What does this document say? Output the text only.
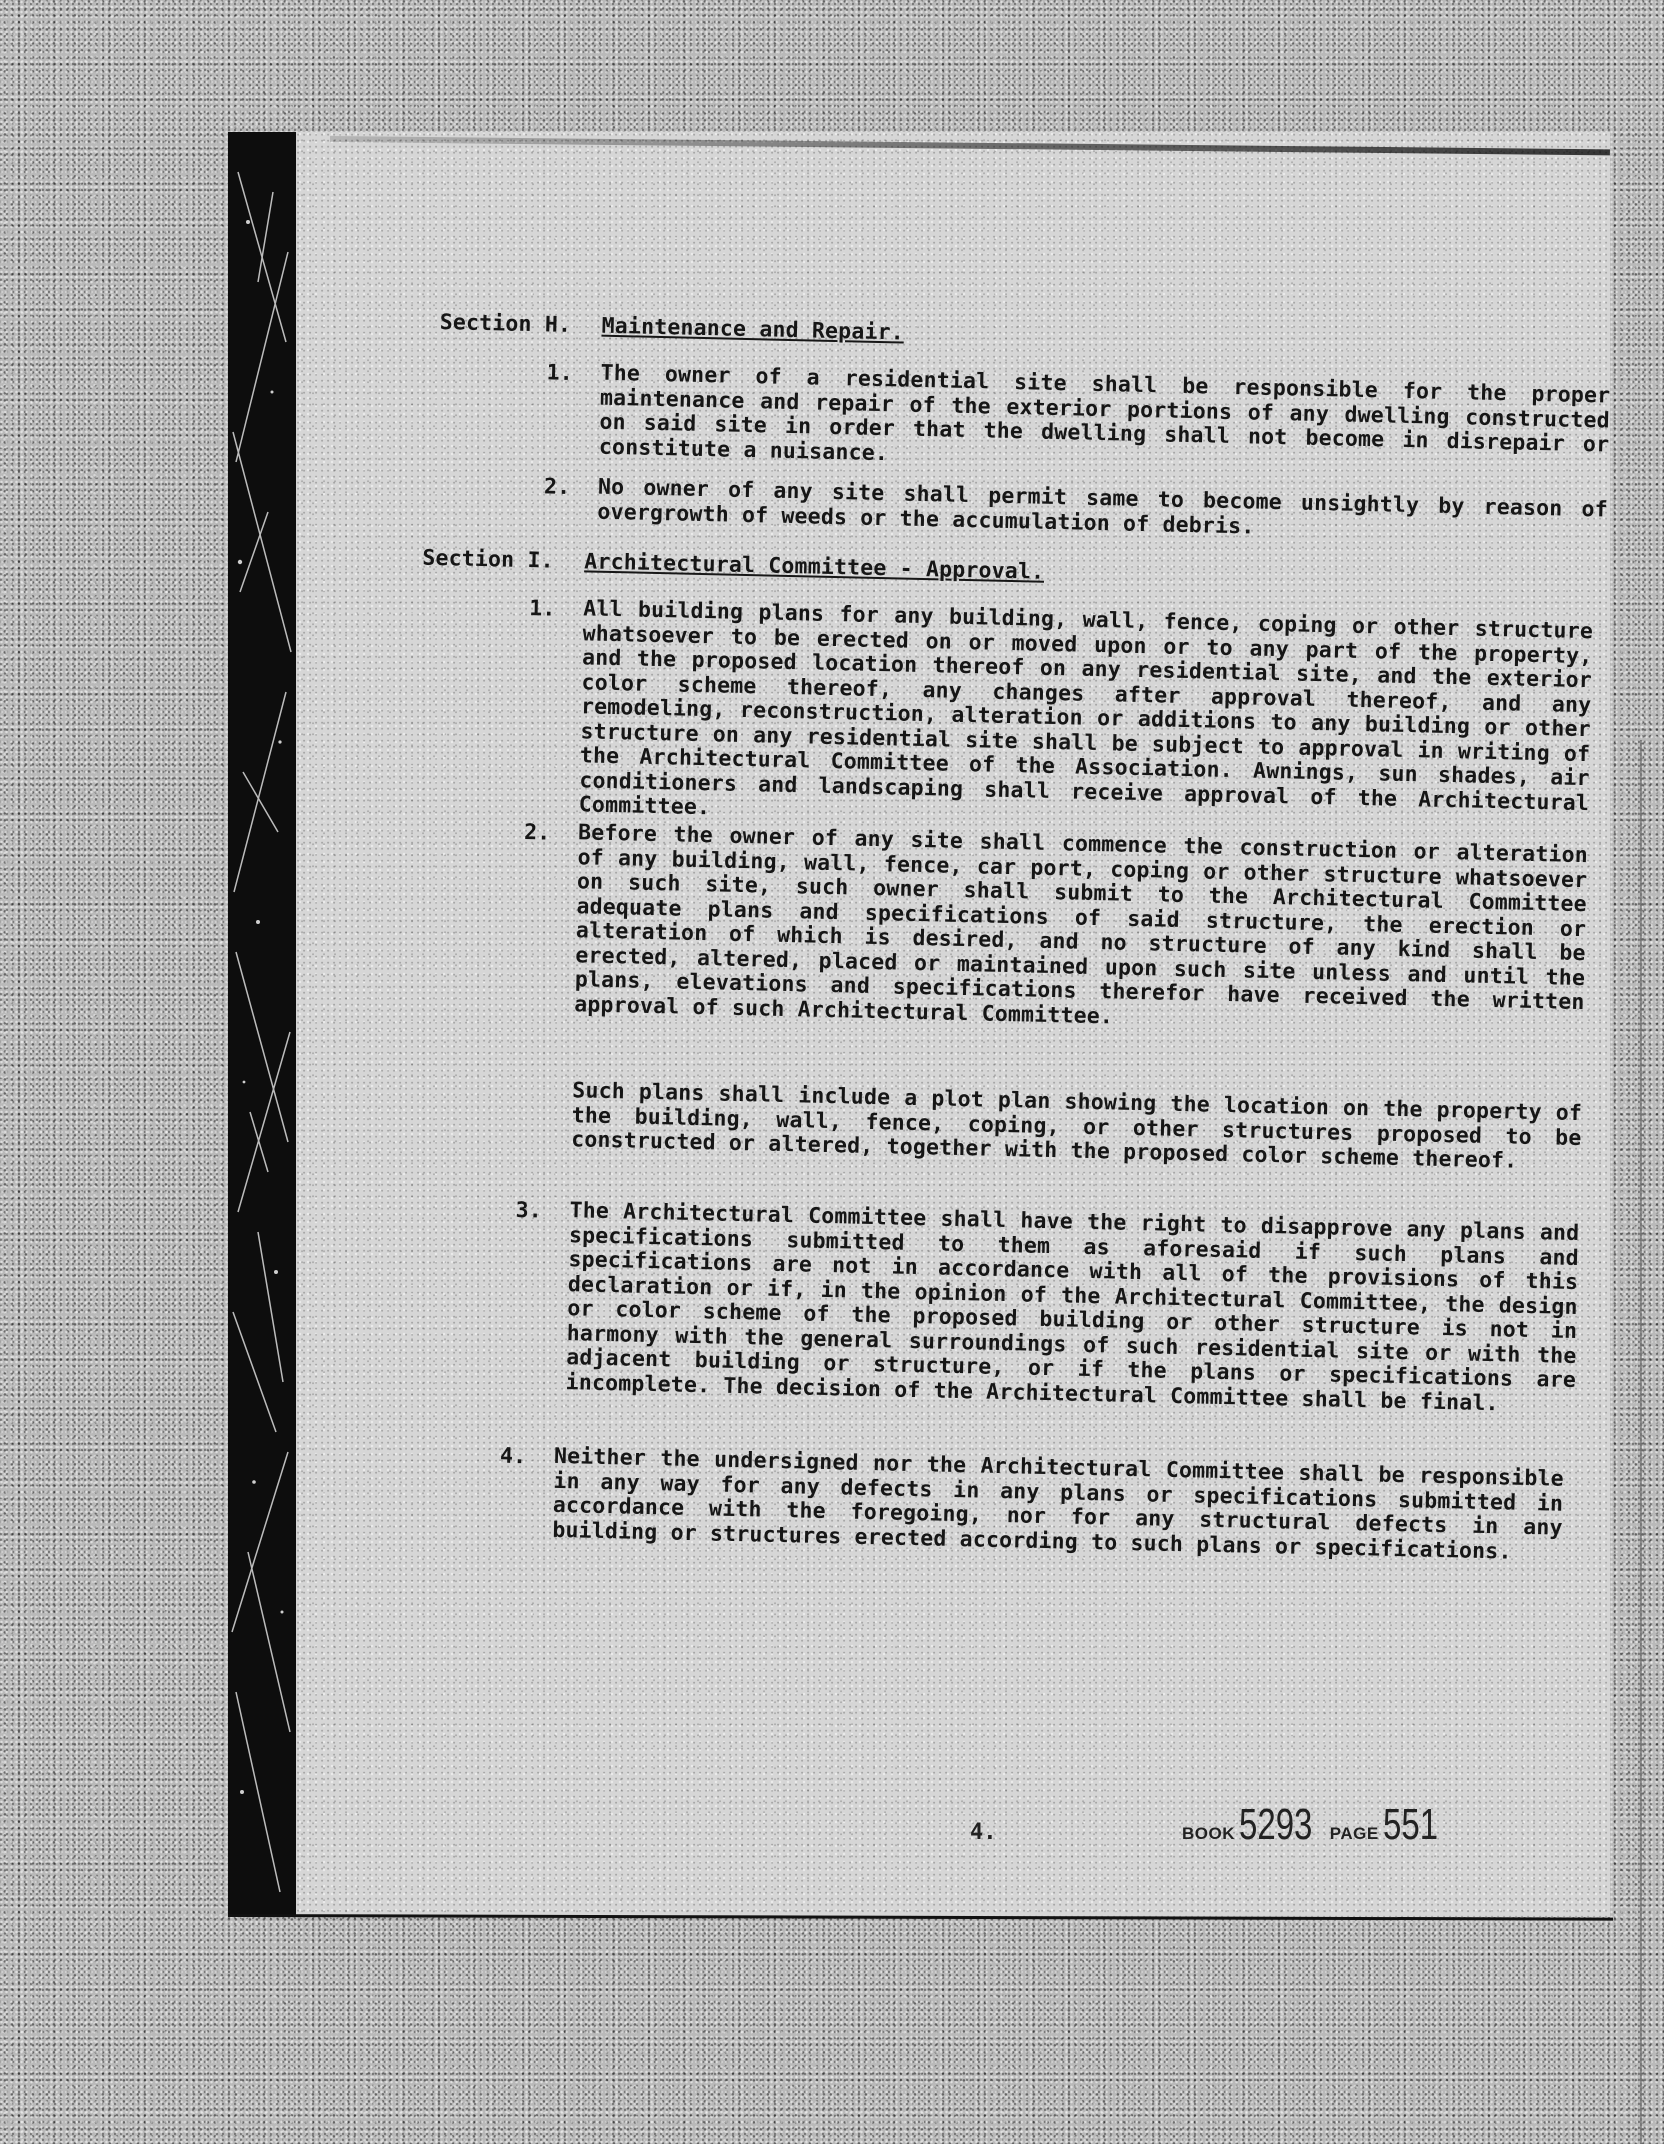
Section H. Maintenance and Repair.
1. The owner of a residential site shall be responsible for the proper maintenance and repair of the exterior portions of any dwelling constructed on said site in order that the dwelling shall not become in disrepair or constitute a nuisance.
2. No owner of any site shall permit same to become unsightly by reason of overgrowth of weeds or the accumulation of debris.
Section I. Architectural Committee - Approval.
1. All building plans for any building, wall, fence, coping or other structure whatsoever to be erected on or moved upon or to any part of the property, and the proposed location thereof on any residential site, and the exterior color scheme thereof, any changes after approval thereof, and any remodeling, reconstruction, alteration or additions to any building or other structure on any residential site shall be subject to approval in writing of the Architectural Committee of the Association. Awnings, sun shades, air conditioners and landscaping shall receive approval of the Architectural Committee.
2. Before the owner of any site shall commence the construction or alteration of any building, wall, fence, car port, coping or other structure whatsoever on such site, such owner shall submit to the Architectural Committee adequate plans and specifications of said structure, the erection or alteration of which is desired, and no structure of any kind shall be erected, altered, placed or maintained upon such site unless and until the plans, elevations and specifications therefor have received the written approval of such Architectural Committee.
Such plans shall include a plot plan showing the location on the property of the building, wall, fence, coping, or other structures proposed to be constructed or altered, together with the proposed color scheme thereof.
3. The Architectural Committee shall have the right to disapprove any plans and specifications submitted to them as aforesaid if such plans and specifications are not in accordance with all of the provisions of this declaration or if, in the opinion of the Architectural Committee, the design or color scheme of the proposed building or other structure is not in harmony with the general surroundings of such residential site or with the adjacent building or structure, or if the plans or specifications are incomplete. The decision of the Architectural Committee shall be final.
4. Neither the undersigned nor the Architectural Committee shall be responsible in any way for any defects in any plans or specifications submitted in accordance with the foregoing, nor for any structural defects in any building or structures erected according to such plans or specifications.
4.	BOOK 5293 PAGE 551
